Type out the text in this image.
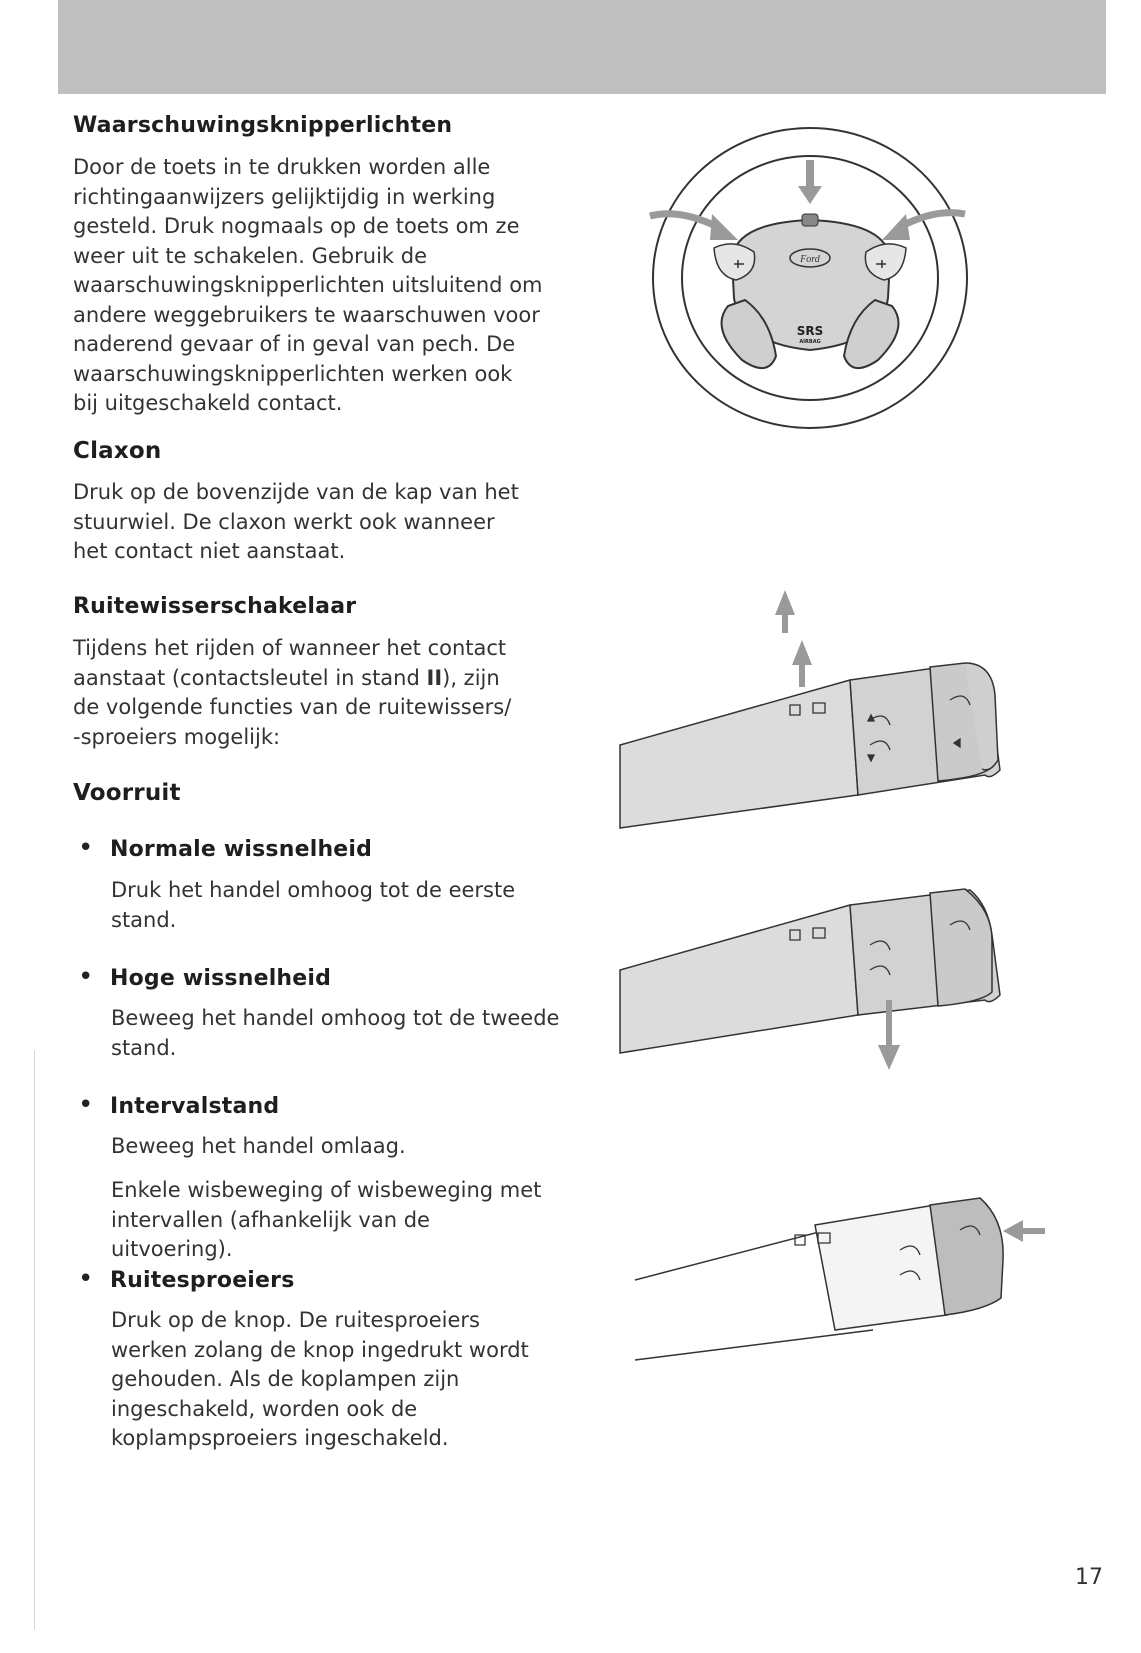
Waarschuwingsknipperlichten

Door de toets in te drukken worden alle richtingaanwijzers gelijktijdig in werking gesteld. Druk nogmaals op de toets om ze weer uit te schakelen. Gebruik de waarschuwingsknipperlichten uitsluitend om andere weggebruikers te waarschuwen voor naderend gevaar of in geval van pech. De waarschuwingsknipperlichten werken ook bij uitgeschakeld contact.

Claxon

Druk op de bovenzijde van de kap van het stuurwiel. De claxon werkt ook wanneer het contact niet aanstaat.

Ruitewisserschakelaar

Tijdens het rijden of wanneer het contact aanstaat (contactsleutel in stand II), zijn de volgende functies van de ruitewissers/ -sproeiers mogelijk:

Voorruit
• Normale wissnelheid

Druk het handel omhoog tot de eerste stand.

• Hoge wissnelheid

Beweeg het handel omhoog tot de tweede stand.

• Intervalstand

Beweeg het handel omlaag.

Enkele wisbeweging of wisbeweging met intervallen (afhankelijk van de uitvoering).

• Ruitesproeiers

Druk op de knop. De ruitesproeiers werken zolang de knop ingedrukt wordt gehouden. Als de koplampen zijn ingeschakeld, worden ook de koplampsproeiers ingeschakeld.

17
Ford
SRS
AIRBAG
